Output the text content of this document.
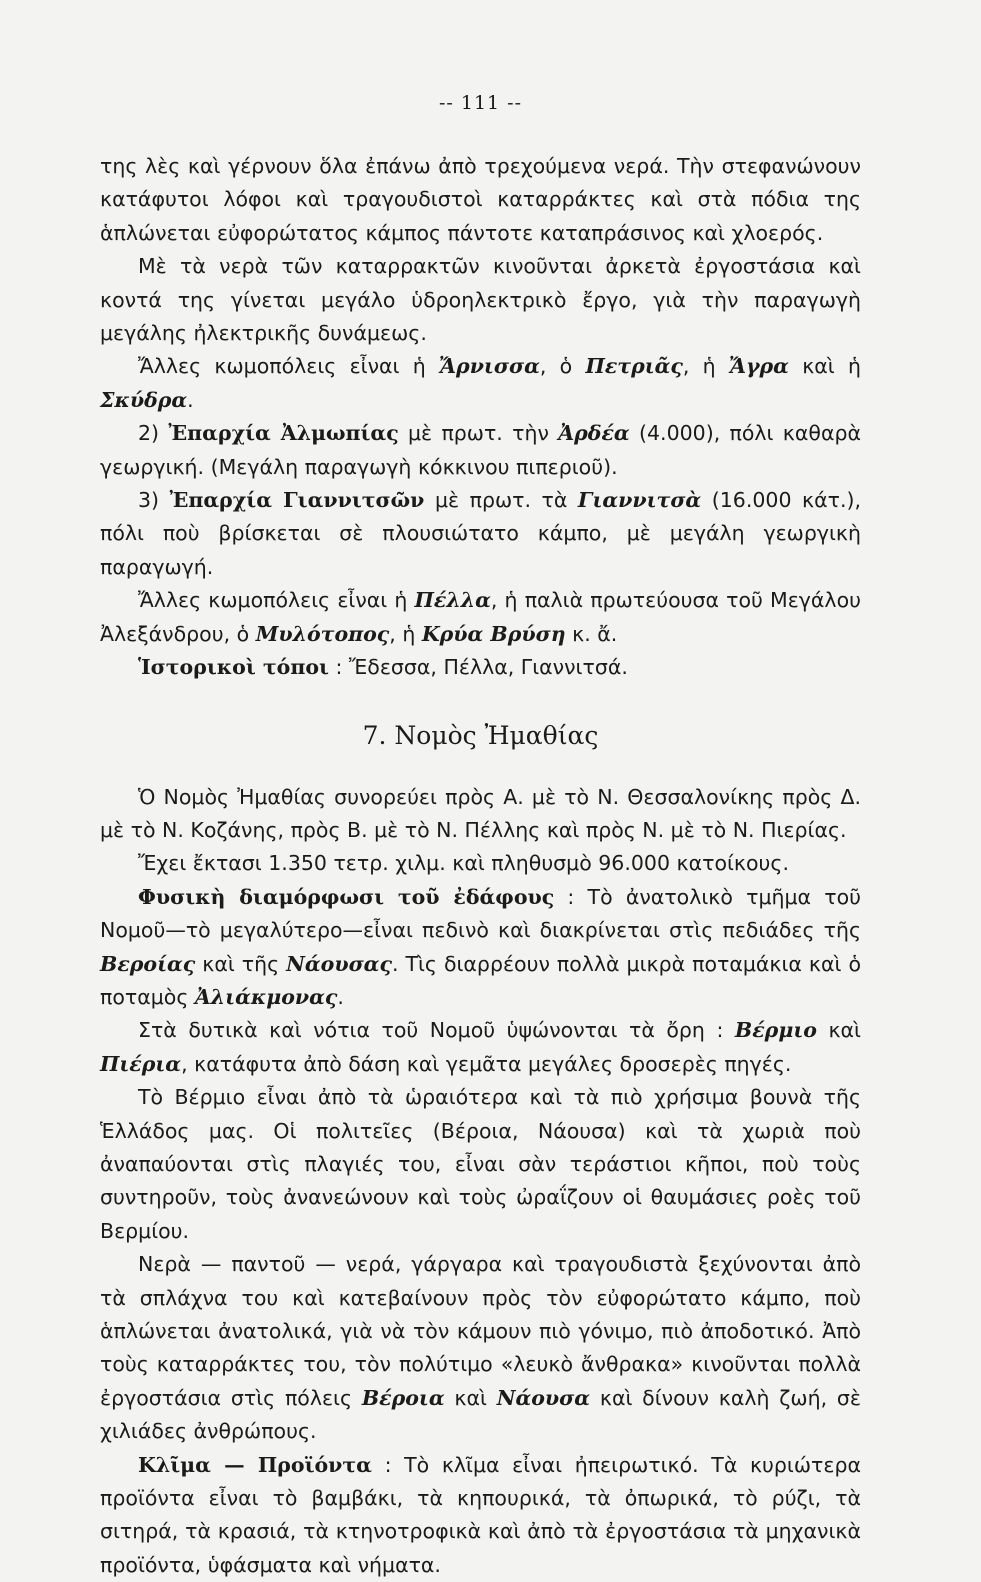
-- 111 --

της λὲς καὶ γέρνουν ὅλα ἐπάνω ἀπὸ τρεχούμενα νερά. Τὴν στεφανώνουν κατάφυτοι λόφοι καὶ τραγουδιστοὶ καταρράκτες καὶ στὰ πόδια της ἁπλώνεται εὐφορώτατος κάμπος πάντοτε καταπράσινος καὶ χλοερός.

Μὲ τὰ νερὰ τῶν καταρρακτῶν κινοῦνται ἀρκετὰ ἐργοστάσια καὶ κοντά της γίνεται μεγάλο ὑδροηλεκτρικὸ ἔργο, γιὰ τὴν παραγωγὴ μεγάλης ἠλεκτρικῆς δυνάμεως.

Ἄλλες κωμοπόλεις εἶναι ἡ Ἄρνισσα, ὁ Πετριᾶς, ἡ Ἄγρα καὶ ἡ Σκύδρα.

2) Ἐπαρχία Ἀλμωπίας μὲ πρωτ. τὴν Ἀρδέα (4.000), πόλι καθαρὰ γεωργική. (Μεγάλη παραγωγὴ κόκκινου πιπεριοῦ).

3) Ἐπαρχία Γιαννιτσῶν μὲ πρωτ. τὰ Γιαννιτσὰ (16.000 κάτ.), πόλι ποὺ βρίσκεται σὲ πλουσιώτατο κάμπο, μὲ μεγάλη γεωργικὴ παραγωγή.

Ἄλλες κωμοπόλεις εἶναι ἡ Πέλλα, ἡ παλιὰ πρωτεύουσα τοῦ Μεγάλου Ἀλεξάνδρου, ὁ Μυλότοπος, ἡ Κρύα Βρύση κ. ἄ.

Ἱστορικοὶ τόποι : Ἔδεσσα, Πέλλα, Γιαννιτσά.

7. Νομὸς Ἠμαθίας

Ὁ Νομὸς Ἠμαθίας συνορεύει πρὸς Α. μὲ τὸ Ν. Θεσσαλονίκης πρὸς Δ. μὲ τὸ Ν. Κοζάνης, πρὸς Β. μὲ τὸ Ν. Πέλλης καὶ πρὸς Ν. μὲ τὸ Ν. Πιερίας.

Ἔχει ἔκτασι 1.350 τετρ. χιλμ. καὶ πληθυσμὸ 96.000 κατοίκους.

Φυσικὴ διαμόρφωσι τοῦ ἐδάφους : Τὸ ἀνατολικὸ τμῆμα τοῦ Νομοῦ—τὸ μεγαλύτερο—εἶναι πεδινὸ καὶ διακρίνεται στὶς πεδιάδες τῆς Βεροίας καὶ τῆς Νάουσας. Τὶς διαρρέουν πολλὰ μικρὰ ποταμάκια καὶ ὁ ποταμὸς Ἀλιάκμονας.

Στὰ δυτικὰ καὶ νότια τοῦ Νομοῦ ὑψώνονται τὰ ὄρη : Βέρμιο καὶ Πιέρια, κατάφυτα ἀπὸ δάση καὶ γεμᾶτα μεγάλες δροσερὲς πηγές.

Τὸ Βέρμιο εἶναι ἀπὸ τὰ ὡραιότερα καὶ τὰ πιὸ χρήσιμα βουνὰ τῆς Ἑλλάδος μας. Οἱ πολιτεῖες (Βέροια, Νάουσα) καὶ τὰ χωριὰ ποὺ ἀναπαύονται στὶς πλαγιές του, εἶναι σὰν τεράστιοι κῆποι, ποὺ τοὺς συντηροῦν, τοὺς ἀνανεώνουν καὶ τοὺς ὠραΐζουν οἱ θαυμάσιες ροὲς τοῦ Βερμίου.

Νερὰ — παντοῦ — νερά, γάργαρα καὶ τραγουδιστὰ ξεχύνονται ἀπὸ τὰ σπλάχνα του καὶ κατεβαίνουν πρὸς τὸν εὐφορώτατο κάμπο, ποὺ ἁπλώνεται ἀνατολικά, γιὰ νὰ τὸν κάμουν πιὸ γόνιμο, πιὸ ἀποδοτικό. Ἀπὸ τοὺς καταρράκτες του, τὸν πολύτιμο «λευκὸ ἄνθρακα» κινοῦνται πολλὰ ἐργοστάσια στὶς πόλεις Βέροια καὶ Νάουσα καὶ δίνουν καλὴ ζωή, σὲ χιλιάδες ἀνθρώπους.

Κλῖμα — Προϊόντα : Τὸ κλῖμα εἶναι ἠπειρωτικό. Τὰ κυριώτερα προϊόντα εἶναι τὸ βαμβάκι, τὰ κηπουρικά, τὰ ὀπωρικά, τὸ ρύζι, τὰ σιτηρά, τὰ κρασιά, τὰ κτηνοτροφικὰ καὶ ἀπὸ τὰ ἐργοστάσια τὰ μηχανικὰ προϊόντα, ὑφάσματα καὶ νήματα.
